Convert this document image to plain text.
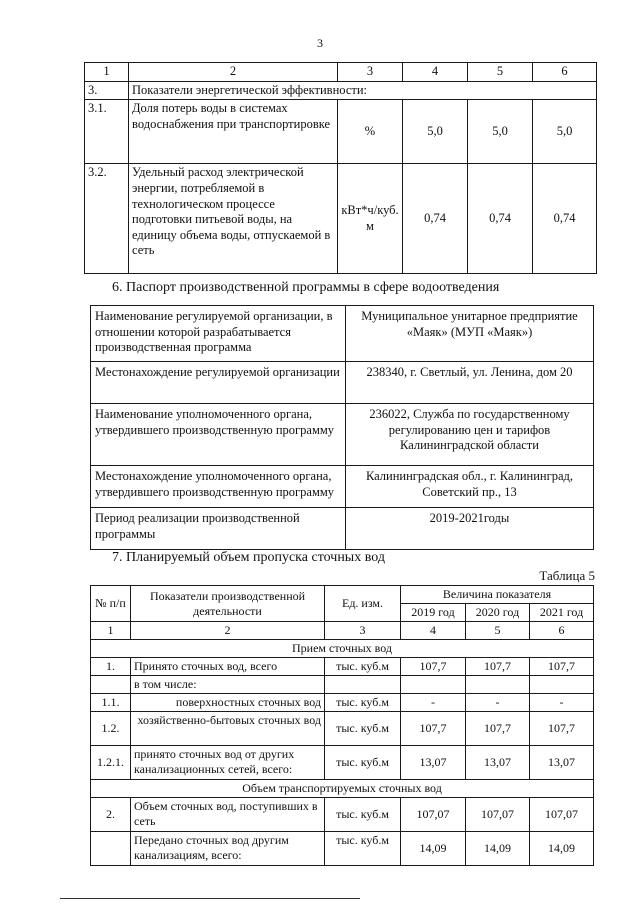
3
1	2	3	4	5	6
3.	Показатели энергетической эффективности:				
3.1.	Доля потерь воды в системах водоснабжения при транспортировке	%	5,0	5,0	5,0
3.2.	Удельный расход электрической энергии, потребляемой в технологическом процессе подготовки питьевой воды, на единицу объема воды, отпускаемой в сеть	кВт*ч/куб. м	0,74	0,74	0,74
6. Паспорт производственной программы в сфере водоотведения
Наименование регулируемой организации, в отношении которой разрабатывается производственная программа	Муниципальное унитарное предприятие «Маяк» (МУП «Маяк»)
Местонахождение регулируемой организации	238340, г. Светлый, ул. Ленина, дом 20
Наименование уполномоченного органа, утвердившего производственную программу	236022, Служба по государственному регулированию цен и тарифов Калининградской области
Местонахождение уполномоченного органа, утвердившего производственную программу	Калининградская обл., г. Калининград, Советский пр., 13
Период реализации производственной программы	2019-2021годы
7. Планируемый объем пропуска сточных вод
Таблица 5
№ п/п	Показатели производственной деятельности	Ед. изм.	Величина показателя		
			2019 год	2020 год	2021 год
1	2	3	4	5	6
Прием сточных вод					
1.	Принято сточных вод, всего	тыс. куб.м	107,7	107,7	107,7
	в том числе:				
1.1.	поверхностных сточных вод	тыс. куб.м	-	-	-
1.2.	хозяйственно-бытовых сточных вод	тыс. куб.м	107,7	107,7	107,7
1.2.1.	принято сточных вод от других канализационных сетей, всего:	тыс. куб.м	13,07	13,07	13,07
Объем транспортируемых сточных вод					
2.	Объем сточных вод, поступивших в сеть	тыс. куб.м	107,07	107,07	107,07
	Передано сточных вод другим канализациям, всего:	тыс. куб.м	14,09	14,09	14,09
